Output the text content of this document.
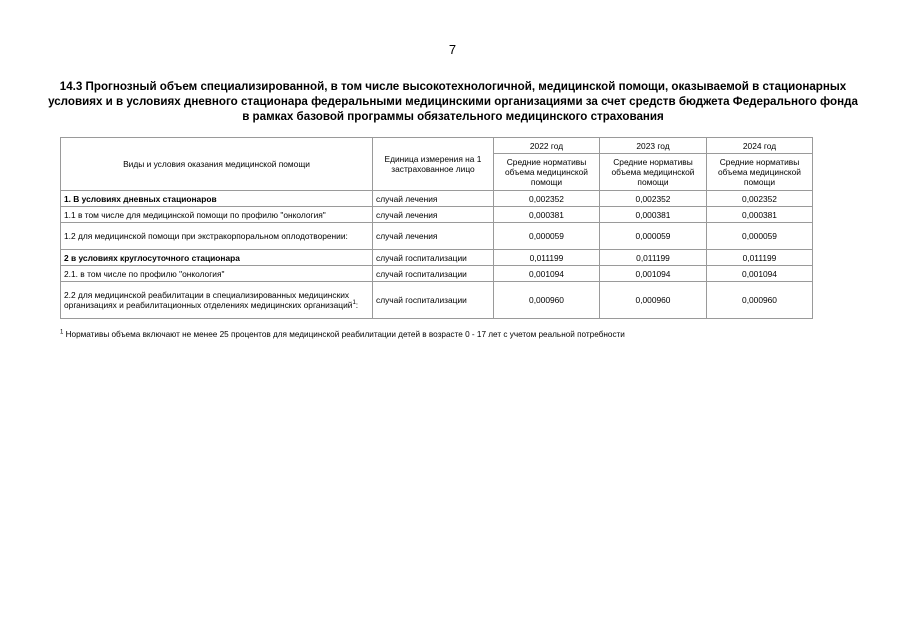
7
14.3 Прогнозный объем специализированной, в том числе высокотехнологичной, медицинской помощи, оказываемой в стационарных условиях и в условиях дневного стационара федеральными медицинскими организациями за счет средств бюджета Федерального фонда в рамках базовой программы обязательного медицинского страхования
Виды и условия оказания медицинской помощи	Единица измерения на 1 застрахованное лицо	2022 год	2023 год	2024 год
		Средние нормативы объема медицинской помощи	Средние нормативы объема медицинской помощи	Средние нормативы объема медицинской помощи
1. В условиях дневных стационаров	случай лечения	0,002352	0,002352	0,002352
1.1 в том числе для медицинской помощи по профилю "онкология"	случай лечения	0,000381	0,000381	0,000381
1.2 для медицинской помощи при экстракорпоральном оплодотворении:	случай лечения	0,000059	0,000059	0,000059
2 в условиях круглосуточного стационара	случай госпитализации	0,011199	0,011199	0,011199
2.1. в том числе по профилю "онкология"	случай госпитализации	0,001094	0,001094	0,001094
2.2 для медицинской реабилитации в специализированных медицинских организациях и реабилитационных отделениях медицинских организаций$^1$:	случай госпитализации	0,000960	0,000960	0,000960
$^1$ Нормативы объема включают не менее 25 процентов для медицинской реабилитации детей в возрасте 0 - 17 лет с учетом реальной потребности
